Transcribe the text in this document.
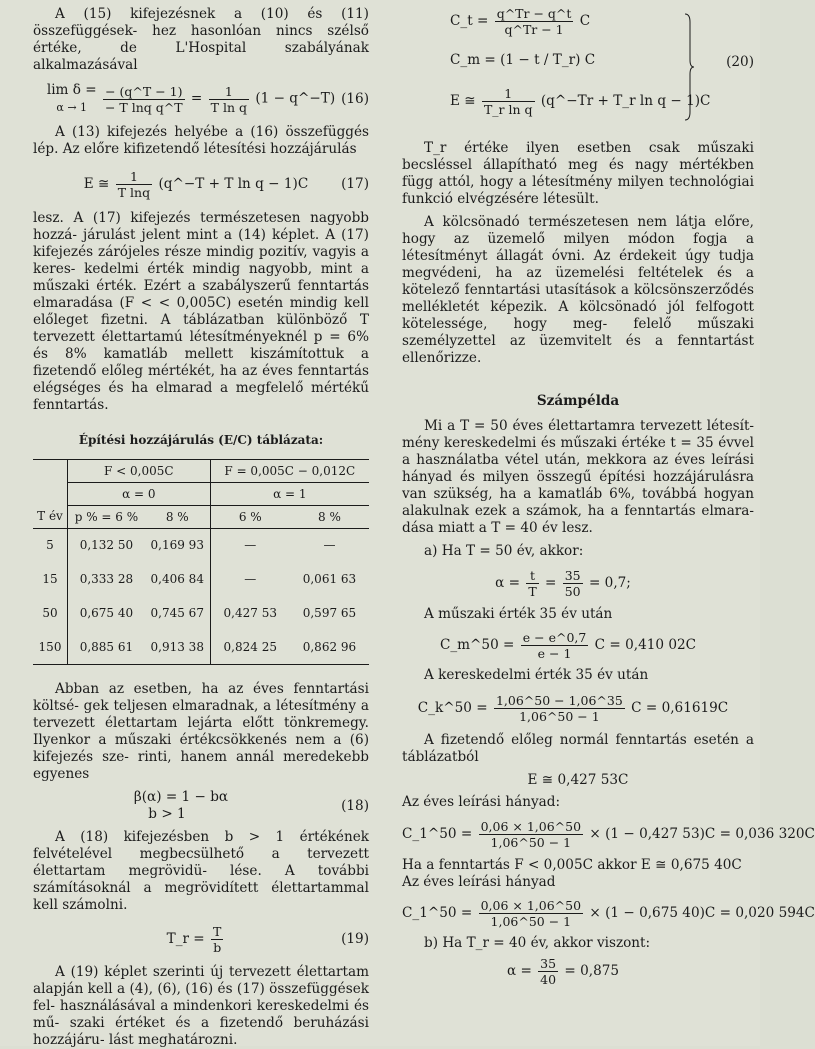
A (15) kifejezésnek a (10) és (11) összefüggések- hez hasonlóan nincs szélső értéke, de L'Hospital szabályának alkalmazásával

lim δ =
α → 1
	$\frac{- (q\^{}T - 1)}{\text{− T lnq q\textasciicircum{}T}} = \frac{1}{\text{T ln q}} (1$ − q^−T) (16)

A (13) kifejezés helyébe a (16) összefüggés lép. Az előre kifizetendő létesítési hozzájárulás

E ≅ $\frac{1}{\text{T lnq}}$ (q^−T + T ln q − 1)C	(17)

lesz. A (17) kifejezés természetesen nagyobb hozzá- járulást jelent mint a (14) képlet. A (17) kifejezés zárójeles része mindig pozitív, vagyis a keres- kedelmi érték mindig nagyobb, mint a műszaki érték. Ezért a szabályszerű fenntartás elmaradása (F < < 0,005C) esetén mindig kell előleget fizetni. A táblázatban különböző T tervezett élettartamú létesítményeknél p = 6% és 8% kamatláb mellett kiszámítottuk a fizetendő előleg mértékét, ha az éves fenntartás elégséges és ha elmarad a megfelelő mértékű fenntartás.

Építési hozzájárulás (E/C) táblázata:
	F < 0,005C		F = 0,005C − 0,012C	
	α = 0		α = 1	
T év	p % = 6 %	8 %	6 %	8 %
5	0,132 50	0,169 93	—	—
15	0,333 28	0,406 84	—	0,061 63
50	0,675 40	0,745 67	0,427 53	0,597 65
150	0,885 61	0,913 38	0,824 25	0,862 96

Abban az esetben, ha az éves fenntartási költsé- gek teljesen elmaradnak, a létesítmény a tervezett élettartam lejárta előtt tönkremegy. Ilyenkor a műszaki értékcsökkenés nem a (6) kifejezés sze- rinti, hanem annál meredekebb egyenes

β(α) = 1 − bα
b > 1
(18)

A (18) kifejezésben b > 1 értékének felvételével megbecsülhető a tervezett élettartam megrövidü- lése. A további számításoknál a megrövidített élettartammal kell számolni.

T_r = $\frac{T}{b}$	(19)

A (19) képlet szerinti új tervezett élettartam alapján kell a (4), (6), (16) és (17) összefüggések fel- használásával a mindenkori kereskedelmi és mű- szaki értéket és a fizetendő beruházási hozzájáru- lást meghatározni.

C_t = $\frac{q\^{}Tr - q\^{}t}{q\^{}Tr - 1}$ C
C_m = (1 − t / T_r) C
E ≅ $\frac{1}{\text{T\_r ln q}}$ (q^−Tr + T_r ln q − 1)C
(20)

T_r értéke ilyen esetben csak műszaki becsléssel állapítható meg és nagy mértékben függ attól, hogy a létesítmény milyen technológiai funkció elvégzésére létesült.

A kölcsönadó természetesen nem látja előre, hogy az üzemelő milyen módon fogja a létesítményt állagát óvni. Az érdekeit úgy tudja megvédeni, ha az üzemelési feltételek és a kötelező fenntartási utasítások a kölcsönszerződés mellékletét képezik. A kölcsönadó jól felfogott kötelessége, hogy meg- felelő műszaki személyzettel az üzemvitelt és a fenntartást ellenőrizze.

Számpélda

Mi a T = 50 éves élettartamra tervezett létesít- mény kereskedelmi és műszaki értéke t = 35 évvel a használatba vétel után, mekkora az éves leírási hányad és milyen összegű építési hozzájárulásra van szükség, ha a kamatláb 6%, továbbá hogyan alakulnak ezek a számok, ha a fenntartás elmara- dása miatt a T = 40 év lesz.

a) Ha T = 50 év, akkor:

$\alpha = \frac{t}{T} = \frac{35}{50} = 0,7$;

A műszaki érték 35 év után

C_m^50 = $\frac{e - e\^{}0,7}{e - 1}$ C = 0,410 02C

A kereskedelmi érték 35 év után

C_k^50 = $\frac{1,06\^{}50 - 1,06\^{}35}{1,06\^{}50 - 1}$ C = 0,61619C

A fizetendő előleg normál fenntartás esetén a táblázatból

E ≅ 0,427 53C

Az éves leírási hányad:

C_1^50 = $\frac{0,06 \times 1,06\^{}50}{1,06\^{}50 - 1} \times (1 - 0,427$ 53)C = 0,036 320C

Ha a fenntartás F < 0,005C akkor E ≅ 0,675 40C

Az éves leírási hányad

C_1^50 = $\frac{0,06 \times 1,06\^{}50}{1,06\^{}50 - 1} \times (1 - 0,675$ 40)C = 0,020 594C

b) Ha T_r = 40 év, akkor viszont:

$\alpha = \frac{35}{40} = 0,875$
